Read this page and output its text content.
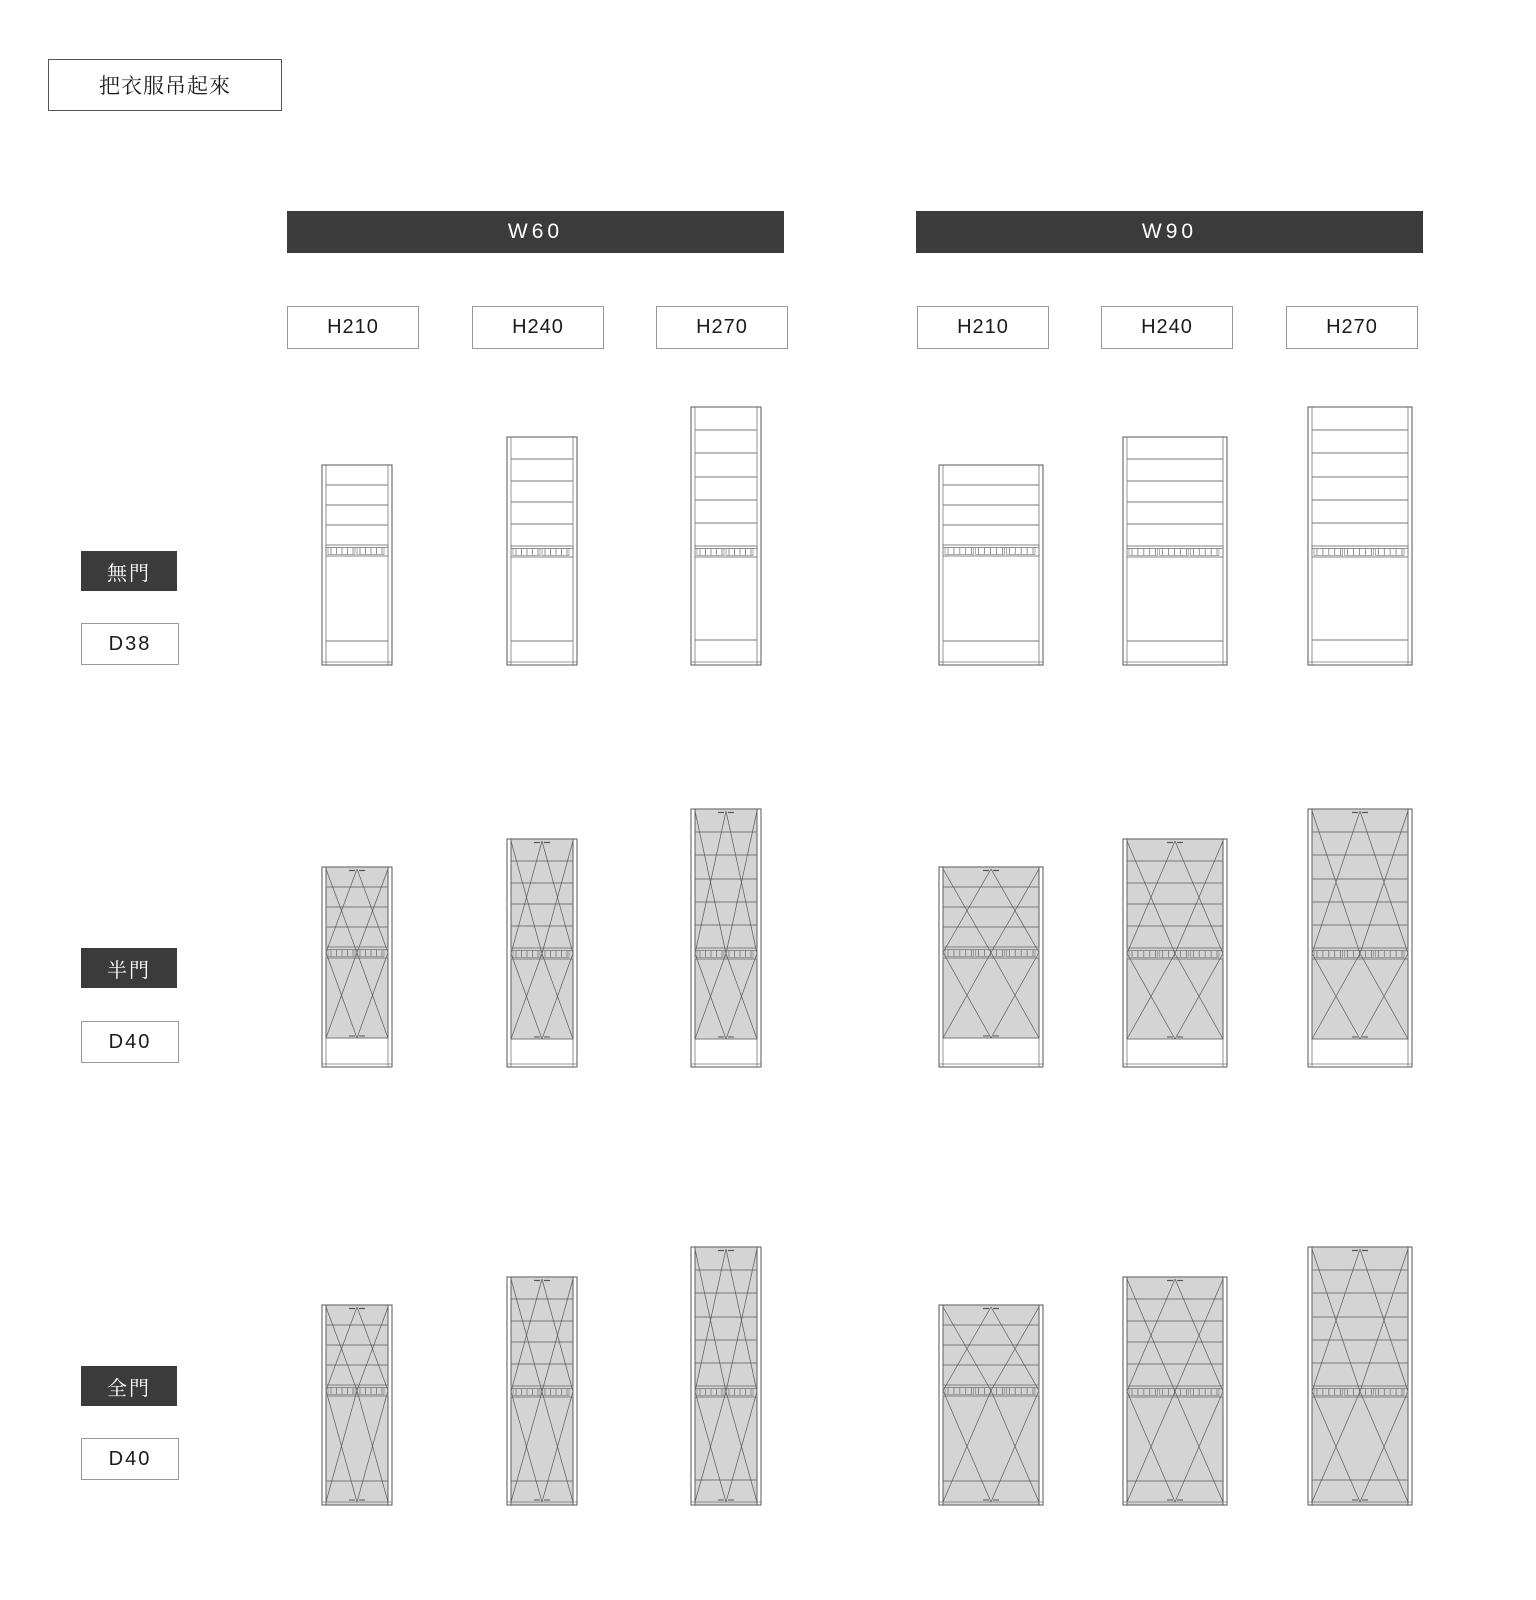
把衣服吊起來
W60	W90
H210	H240	H270	H210	H240	H270
無門
D38
半門
D40
全門
D40
